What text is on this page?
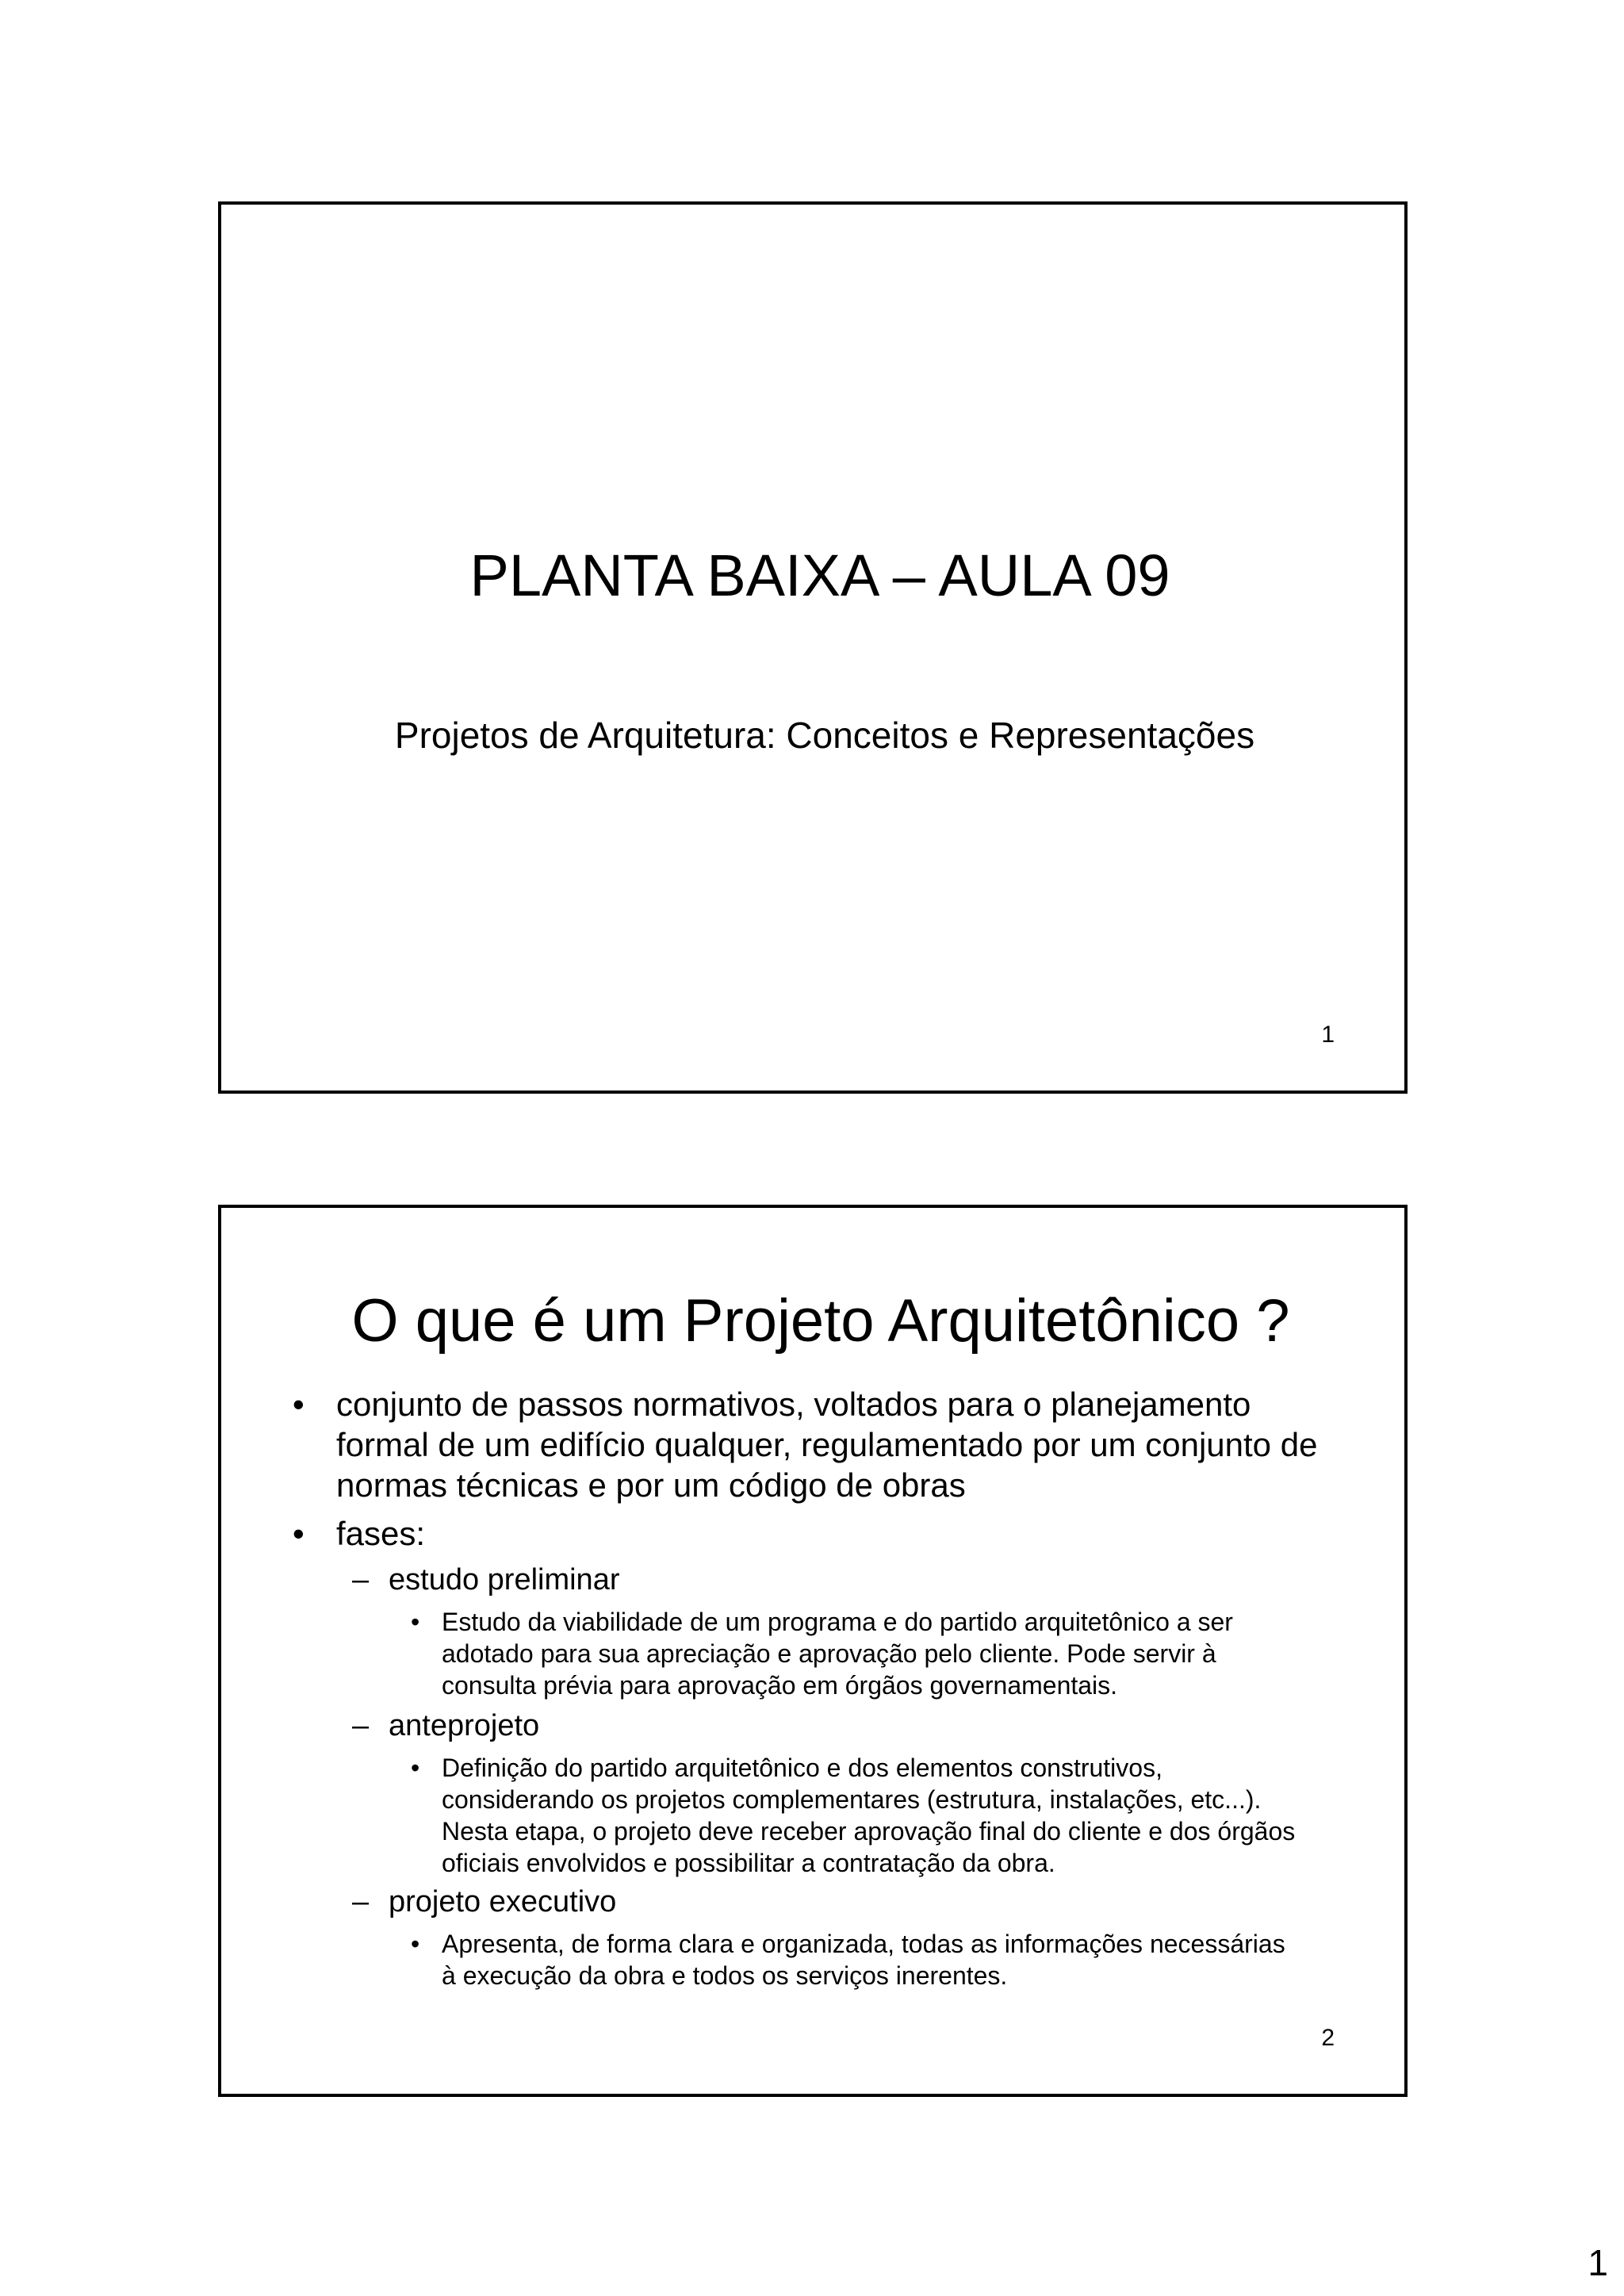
PLANTA BAIXA – AULA 09
Projetos de Arquitetura: Conceitos e Representações
1
O que é um Projeto Arquitetônico ?
• conjunto de passos normativos, voltados para o planejamento
formal de um edifício qualquer, regulamentado por um conjunto de
normas técnicas e por um código de obras
• fases:
– estudo preliminar
• Estudo da viabilidade de um programa e do partido arquitetônico a ser
adotado para sua apreciação e aprovação pelo cliente. Pode servir à
consulta prévia para aprovação em órgãos governamentais.
– anteprojeto
• Definição do partido arquitetônico e dos elementos construtivos,
considerando os projetos complementares (estrutura, instalações, etc...).
Nesta etapa, o projeto deve receber aprovação final do cliente e dos órgãos
oficiais envolvidos e possibilitar a contratação da obra.
– projeto executivo
• Apresenta, de forma clara e organizada, todas as informações necessárias
à execução da obra e todos os serviços inerentes.
2
1
